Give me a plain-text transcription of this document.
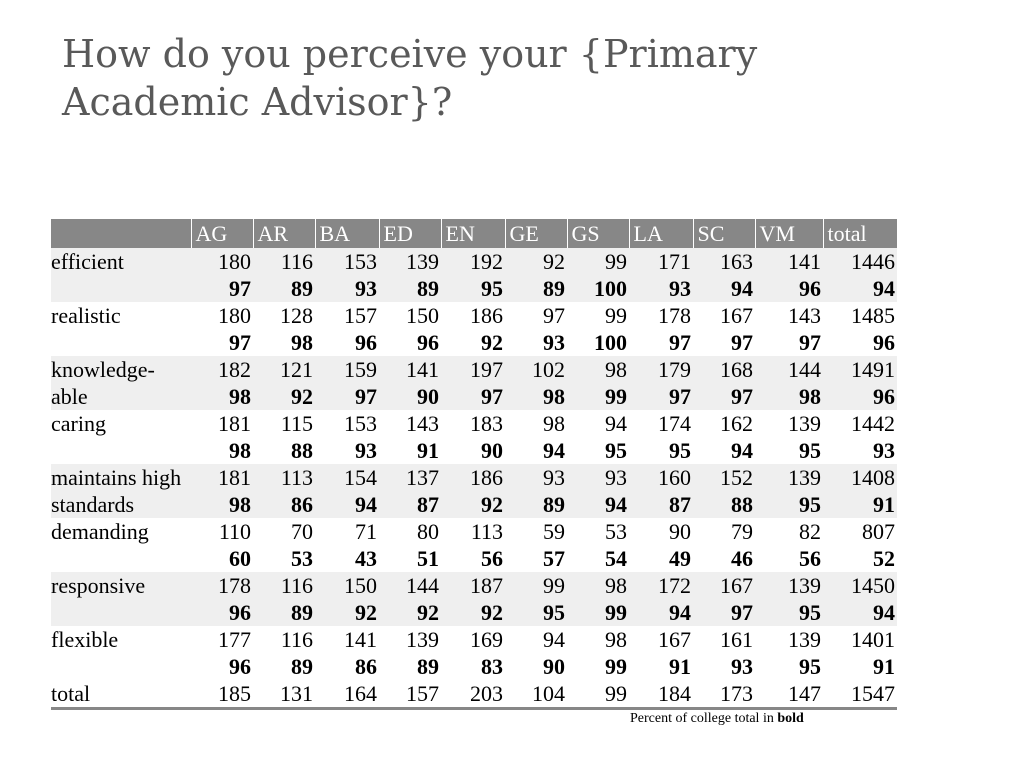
How do you perceive your {Primary Academic Advisor}?
	AG	AR	BA	ED	EN	GE	GS	LA	SC	VM	total
efficient	180	116	153	139	192	92	99	171	163	141	1446
	97	89	93	89	95	89	100	93	94	96	94
realistic	180	128	157	150	186	97	99	178	167	143	1485
	97	98	96	96	92	93	100	97	97	97	96
knowledge-able	182	121	159	141	197	102	98	179	168	144	1491
	98	92	97	90	97	98	99	97	97	98	96
caring	181	115	153	143	183	98	94	174	162	139	1442
	98	88	93	91	90	94	95	95	94	95	93
maintains high standards	181	113	154	137	186	93	93	160	152	139	1408
	98	86	94	87	92	89	94	87	88	95	91
demanding	110	70	71	80	113	59	53	90	79	82	807
	60	53	43	51	56	57	54	49	46	56	52
responsive	178	116	150	144	187	99	98	172	167	139	1450
	96	89	92	92	92	95	99	94	97	95	94
flexible	177	116	141	139	169	94	98	167	161	139	1401
	96	89	86	89	83	90	99	91	93	95	91
total	185	131	164	157	203	104	99	184	173	147	1547
Percent of college total in bold
